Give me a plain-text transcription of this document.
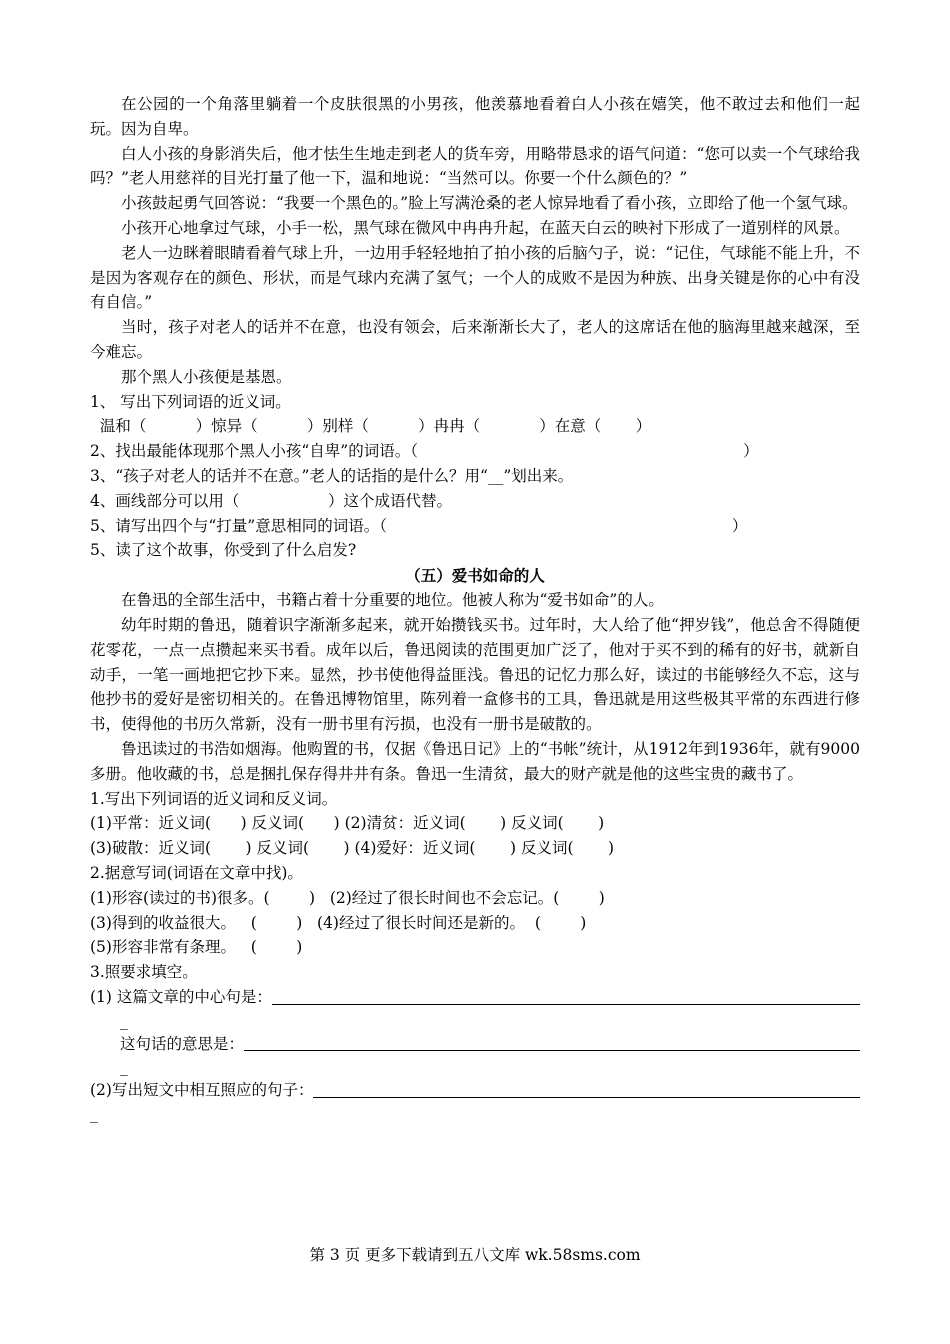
在公园的一个角落里躺着一个皮肤很黑的小男孩，他羡慕地看着白人小孩在嬉笑，他不敢过去和他们一起玩。因为自卑。
白人小孩的身影消失后，他才怯生生地走到老人的货车旁，用略带恳求的语气问道：“您可以卖一个气球给我吗？”老人用慈祥的目光打量了他一下，温和地说：“当然可以。你要一个什么颜色的？”
小孩鼓起勇气回答说：“我要一个黑色的。”脸上写满沧桑的老人惊异地看了看小孩，立即给了他一个氢气球。
小孩开心地拿过气球，小手一松，黑气球在微风中冉冉升起，在蓝天白云的映衬下形成了一道别样的风景。
老人一边眯着眼睛看着气球上升，一边用手轻轻地拍了拍小孩的后脑勺子，说：“记住，气球能不能上升，不是因为客观存在的颜色、形状，而是气球内充满了氢气；一个人的成败不是因为种族、出身关键是你的心中有没有自信。”
当时，孩子对老人的话并不在意，也没有领会，后来渐渐长大了，老人的这席话在他的脑海里越来越深，至今难忘。
那个黑人小孩便是基恩。
1、 写出下列词语的近义词。
温和（          ）惊异（          ）别样（          ）冉冉（            ）在意（       ）
2、找出最能体现那个黑人小孩“自卑”的词语。（                                                                  ）
3、“孩子对老人的话并不在意。”老人的话指的是什么？用“__”划出来。
4、画线部分可以用（                  ）这个成语代替。
5、请写出四个与“打量”意思相同的词语。（                                                                      ）
5、读了这个故事，你受到了什么启发?
（五）爱书如命的人
在鲁迅的全部生活中，书籍占着十分重要的地位。他被人称为“爱书如命”的人。
幼年时期的鲁迅，随着识字渐渐多起来，就开始攒钱买书。过年时，大人给了他“押岁钱”，他总舍不得随便花零花，一点一点攒起来买书看。成年以后，鲁迅阅读的范围更加广泛了，他对于买不到的稀有的好书，就新自动手，一笔一画地把它抄下来。显然，抄书使他得益匪浅。鲁迅的记忆力那么好，读过的书能够经久不忘，这与他抄书的爱好是密切相关的。在鲁迅博物馆里，陈列着一盒修书的工具，鲁迅就是用这些极其平常的东西进行修书，使得他的书历久常新，没有一册书里有污损，也没有一册书是破散的。
鲁迅读过的书浩如烟海。他购置的书，仅据《鲁迅日记》上的“书帐”统计，从1912年到1936年，就有9000多册。他收藏的书，总是捆扎保存得井井有条。鲁迅一生清贫，最大的财产就是他的这些宝贵的藏书了。
1.写出下列词语的近义词和反义词。
(1)平常：近义词(      ) 反义词(      ) (2)清贫：近义词(       ) 反义词(       )
(3)破散：近义词(       ) 反义词(       ) (4)爱好：近义词(       ) 反义词(       )
2.据意写词(词语在文章中找)。
(1)形容(读过的书)很多。(        )   (2)经过了很长时间也不会忘记。(        )
(3)得到的收益很大。   (        )   (4)经过了很长时间还是新的。  (        )
(5)形容非常有条理。   (        )
3.照要求填空。
(1) 这篇文章的中心句是：
_
这句话的意思是：
_
(2)写出短文中相互照应的句子：
_
第 3 页 更多下载请到五八文库 wk.58sms.com
